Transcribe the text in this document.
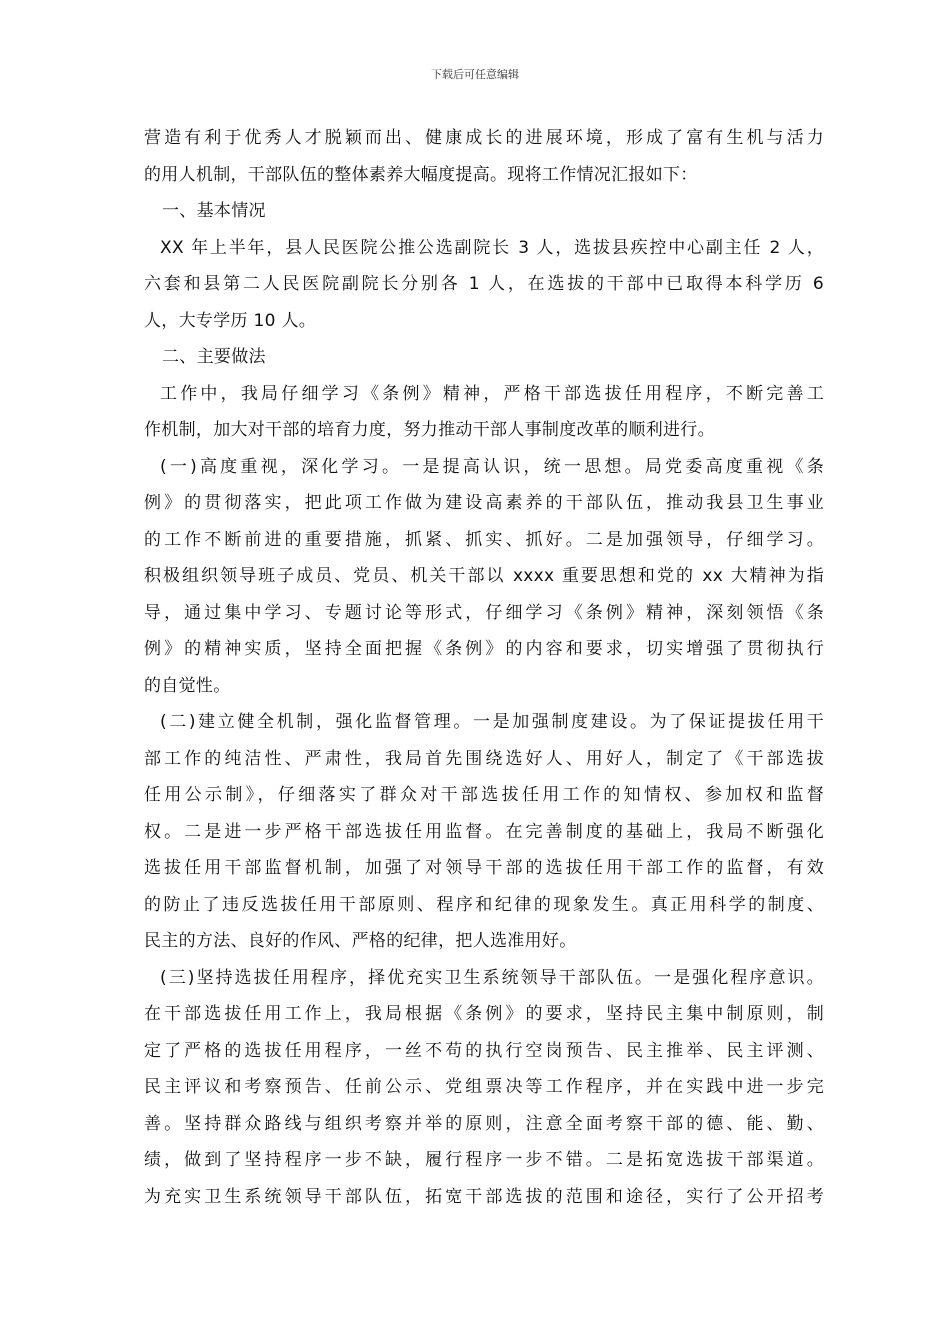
下载后可任意编辑
营造有利于优秀人才脱颖而出、健康成长的进展环境，形成了富有生机与活力
的用人机制，干部队伍的整体素养大幅度提高。现将工作情况汇报如下：
一、基本情况
XX 年上半年，县人民医院公推公选副院长 3 人，选拔县疾控中心副主任 2 人，
六套和县第二人民医院副院长分别各 1 人，在选拔的干部中已取得本科学历 6
人，大专学历 10 人。
二、主要做法
工作中，我局仔细学习《条例》精神，严格干部选拔任用程序，不断完善工
作机制，加大对干部的培育力度，努力推动干部人事制度改革的顺利进行。
(一)高度重视，深化学习。一是提高认识，统一思想。局党委高度重视《条
例》的贯彻落实，把此项工作做为建设高素养的干部队伍，推动我县卫生事业
的工作不断前进的重要措施，抓紧、抓实、抓好。二是加强领导，仔细学习。
积极组织领导班子成员、党员、机关干部以 xxxx 重要思想和党的 xx 大精神为指
导，通过集中学习、专题讨论等形式，仔细学习《条例》精神，深刻领悟《条
例》的精神实质，坚持全面把握《条例》的内容和要求，切实增强了贯彻执行
的自觉性。
(二)建立健全机制，强化监督管理。一是加强制度建设。为了保证提拔任用干
部工作的纯洁性、严肃性，我局首先围绕选好人、用好人，制定了《干部选拔
任用公示制》，仔细落实了群众对干部选拔任用工作的知情权、参加权和监督
权。二是进一步严格干部选拔任用监督。在完善制度的基础上，我局不断强化
选拔任用干部监督机制，加强了对领导干部的选拔任用干部工作的监督，有效
的防止了违反选拔任用干部原则、程序和纪律的现象发生。真正用科学的制度、
民主的方法、良好的作风、严格的纪律，把人选准用好。
(三)坚持选拔任用程序，择优充实卫生系统领导干部队伍。一是强化程序意识。
在干部选拔任用工作上，我局根据《条例》的要求，坚持民主集中制原则，制
定了严格的选拔任用程序，一丝不苟的执行空岗预告、民主推举、民主评测、
民主评议和考察预告、任前公示、党组票决等工作程序，并在实践中进一步完
善。坚持群众路线与组织考察并举的原则，注意全面考察干部的德、能、勤、
绩，做到了坚持程序一步不缺，履行程序一步不错。二是拓宽选拔干部渠道。
为充实卫生系统领导干部队伍，拓宽干部选拔的范围和途径，实行了公开招考
